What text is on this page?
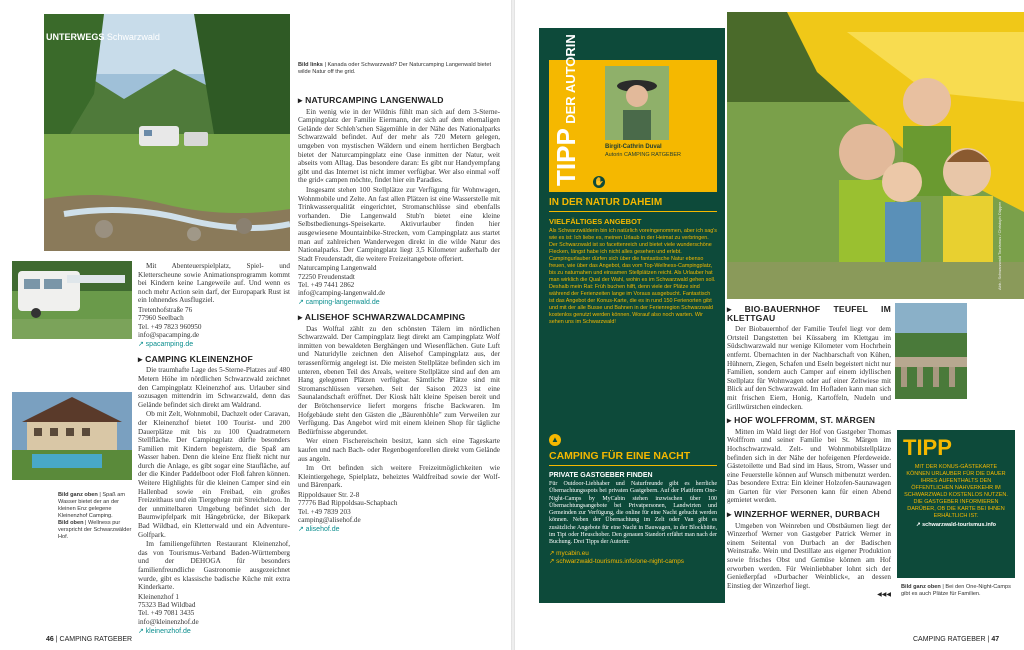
UNTERWEGS Schwarzwald
Bild links | Kanada oder Schwarzwald? Der Naturcamping Langenwald bietet wilde Natur off the grid.

Bild ganz oben | Spaß am Wasser bietet der an der kleinen Enz gelegene Kleinenzhof Camping.

Bild oben | Wellness pur verspricht der Schwarzwälder Hof.

Mit Abenteuerspielplatz, Spiel- und Kletterscheune sowie Animationsprogramm kommt bei Kindern keine Langeweile auf. Und wenn es noch mehr Action sein darf, der Europapark Rust ist ein lohnendes Ausflugziel.

Tretenhofstraße 76
77960 Seelbach
Tel. +49 7823 960950
info@spacamping.de

↗ spacamping.de
▸ CAMPING KLEINENZHOF

Die traumhafte Lage des 5-Sterne-Platzes auf 480 Metern Höhe im nördlichen Schwarzwald zeichnet den Campingplatz Kleinenzhof aus. Urlauber sind sozusagen mittendrin im Schwarzwald, denn das Gelände befindet sich direkt am Waldrand.

Ob mit Zelt, Wohnmobil, Dachzelt oder Caravan, der Kleinenzhof bietet 100 Tourist- und 200 Dauerplätze mit bis zu 100 Quadratmetern Stellfläche. Der Campingplatz dürfte besonders Familien mit Kindern begeistern, die Spaß am Wasser haben. Denn die kleine Enz fließt nicht nur durch die Anlage, es gibt sogar eine Staufläche, auf der die Kinder Paddelboot oder Floß fahren können. Weitere Highlights für die kleinen Camper sind ein Hallenbad sowie ein Freibad, ein großes Freizeithaus und ein Tiergehege mit Streichelzoo. In der unmittelbaren Umgebung befindet sich der Baumwipfelpark mit Hängebrücke, der Bikepark Bad Wildbad, ein Kletterwald und ein Adventure-Golfpark.

Im familiengeführten Restaurant Kleinenzhof, das von Tourismus-Verband Baden-Württemberg und der DEHOGA für besonders familienfreundliche Gastronomie ausgezeichnet wurde, gibt es klassische badische Küche mit extra Kinderkarte.

Kleinenzhof 1
75323 Bad Wildbad
Tel. +49 7081 3435
info@kleinenzhof.de

↗ kleinenzhof.de
▸ NATURCAMPING LANGENWALD

Ein wenig wie in der Wildnis fühlt man sich auf dem 3-Sterne-Campingplatz der Familie Eiermann, der sich auf dem ehemaligen Gelände der Schleh'schen Sägemühle in der Nähe des Nationalparks Schwarzwald befindet. Auf der mehr als 720 Metern gelegen, umgeben von mystischen Wäldern und einem herrlichen Bergbach bietet der Naturcampingplatz eine Oase inmitten der Natur, weit abseits vom Alltag. Das besondere daran: Es gibt nur Handyempfang gibt und das Internet ist nicht immer verfügbar. Wer also einmal »off the grid« campen möchte, findet hier ein Paradies.

Insgesamt stehen 100 Stellplätze zur Verfügung für Wohnwagen, Wohnmobile und Zelte. An fast allen Plätzen ist eine Wasserstelle mit Trinkwasserqualität eingerichtet, Stromanschlüsse sind ebenfalls vorhanden. Die Langenwald Stub'n bietet eine kleine Selbstbedienungs-Speisekarte. Aktivurlauber finden hier ausgewiesene Mountainbike-Strecken, vom Campingplatz aus startet man auf zahlreichen Wanderwegen direkt in die wilde Natur des Nationalparks. Der Campingplatz liegt 3,5 Kilometer außerhalb der Stadt Freudenstadt, die weitere Freizeitangebote offeriert.

Naturcamping Langenwald
72250 Freudenstadt
Tel. +49 7441 2862
info@camping-langenwald.de

↗ camping-langenwald.de
▸ ALISEHOF SCHWARZWALDCAMPING

Das Wolftal zählt zu den schönsten Tälern im nördlichen Schwarzwald. Der Campingplatz liegt direkt am Campingplatz Wolf inmitten von bewaldeten Berghängen und Wiesenflächen. Gute Luft und Naturidylle zeichnen den Alisehof Campingplatz aus, der terassenförmig angelegt ist. Die meisten Stellplätze befinden sich im unteren, ebenen Teil des Areals, weitere Stellplätze sind auf den am Hang gelegenen Plätzen verfügbar. Sämtliche Plätze sind mit Stromanschlüssen versehen. Seit der Saison 2023 ist eine Saunalandschaft eröffnet. Der Kiosk hält kleine Speisen bereit und der Brötchenservice liefert morgens frische Backwaren. Im Hofgebäude steht den Gästen die „Bäurenhöhle" zum Verweilen zur Verfügung. Das Angebot wird mit einem kleinen Shop für tägliche Bedürfnisse abgerundet.

Wer einen Fischereischein besitzt, kann sich eine Tageskarte kaufen und nach Bach- oder Regenbogenforellen direkt vom Gelände aus angeln.

Im Ort befinden sich weitere Freizeitmöglichkeiten wie Kleintiergehege, Spielplatz, beheiztes Waldfreibad sowie der Wolf- und Bärenpark.

Rippoldsauer Str. 2-8
77776 Bad Rippoldsau-Schapbach
Tel. +49 7839 203
camping@alisehof.de

↗ alisehof.de
46 | CAMPING RATGEBER
TIPP DER AUTORIN
Birgit-Cathrin Duval
Autorin CAMPING RATGEBER
✋
IN DER NATUR DAHEIM
VIELFÄLTIGES ANGEBOT

Als Schwarzwälderin bin ich natürlich voreingenommen, aber ich sag's wie es ist: Ich liebe es, meinen Urlaub in der Heimat zu verbringen. Der Schwarzwald ist so facettenreich und bietet viele wunderschöne Flecken, längst habe ich nicht alles gesehen und erlebt. Campingurlauber dürfen sich über die fantastische Natur ebenso freuen, wie über das Angebot, das vom Top-Wellness-Campingplatz, bis zu naturnahen und einsamen Stellplätzen reicht. Als Urlauber hat man wirklich die Qual der Wahl, wohin es im Schwarzwald gehen soll. Deshalb mein Rat: Früh buchen hilft, denn viele der Plätze sind während der Ferienzeiten lange im Voraus ausgebucht. Fantastisch ist das Angebot der Konus-Karte, die es in rund 150 Ferienorten gibt und mit der alle Busse und Bahnen in der Ferienregion Schwarzwald kostenlos genutzt werden können. Worauf also noch warten. Wir sehen uns im Schwarzwald!

▲
CAMPING FÜR EINE NACHT
PRIVATE GASTGEBER FINDEN

Für Outdoor-Liebhaber und Naturfreunde gibt es herrliche Übernachtungsspots bei privaten Gastgebern. Auf der Plattform One-Night-Camps by MyCabin stehen inzwischen über 100 Übernachtungsangebote bei Privatpersonen, Landwirten und Gemeinden zur Verfügung, die online für eine Nacht gebucht werden können. Neben der Übernachtung im Zelt oder Van gibt es zusätzliche Angebote für eine Nacht in Bauwagen, in der Blockhütte, im Tipi oder Heuschober. Den genauen Standort erfährt man nach der Buchung. Drei Tipps der Autorin:

↗ mycabin.eu
↗ schwarzwald-tourismus.info/one-night-camps
Abb.: Schwarzwald Tourismus / Christoph Düpper
▸ BIO-BAUERNHOF TEUFEL IM KLETTGAU

Der Biobauernhof der Familie Teufel liegt vor dem Ortsteil Dangstetten bei Küssaberg im Klettgau im Südschwarzwald nur wenige Kilometer vom Hochrhein entfernt. Übernachten in der Nachbarschaft von Kühen, Hühnern, Ziegen, Schafen und Eseln begeistert nicht nur Familien, sondern auch Camper auf einem idyllischen Stellplatz für Wohnwagen oder auf einer Zeltwiese mit Blick auf den Schwarzwald. Im Hofladen kann man sich mit frischen Eiern, Honig, Kartoffeln, Nudeln und Grillwürstchen eindecken.

▸ HOF WOLFFROMM, ST. MÄRGEN

Mitten im Wald liegt der Hof von Gastgeber Thomas Wolffrom und seiner Familie bei St. Märgen im Hochschwarzwald. Zelt- und Wohnmobilstellplätze befinden sich in der Nähe der hofeigenen Pferdeweide. Gästetoilette und Bad sind im Haus, Strom, Wasser und eine Feuerstelle können auf Wunsch mitbenutzt werden. Das besondere Extra: Ein kleiner Holzofen-Saunawagen im Garten für vier Personen kann für einen Abend gemietet werden.

▸ WINZERHOF WERNER, DURBACH

Umgeben von Weinreben und Obstbäumen liegt der Winzerhof Werner von Gastgeber Patrick Werner in einem Seitental von Durbach an der Badischen Weinstraße. Wein und Destillate aus eigener Produktion sowie frisches Obst und Gemüse können am Hof erworben werden. Für Weinliebhaber lohnt sich der Genießerpfad »Durbacher Weinblick«, an dessen Einstieg der Winzerhof liegt.

◀◀◀
TIPP

MIT DER KONUS-GÄSTEKARTE KÖNNEN URLAUBER FÜR DIE DAUER IHRES AUFENTHALTS DEN ÖFFENTLICHEN NAHVERKEHR IM SCHWARZWALD KOSTENLOS NUTZEN. DIE GASTGEBER INFORMIEREN DARÜBER, OB DIE KARTE BEI IHNEN ERHÄLTLICH IST.

↗ schwarzwald-tourismus.info
Bild ganz oben | Bei den One-Night-Camps gibt es auch Plätze für Familien.
CAMPING RATGEBER | 47
